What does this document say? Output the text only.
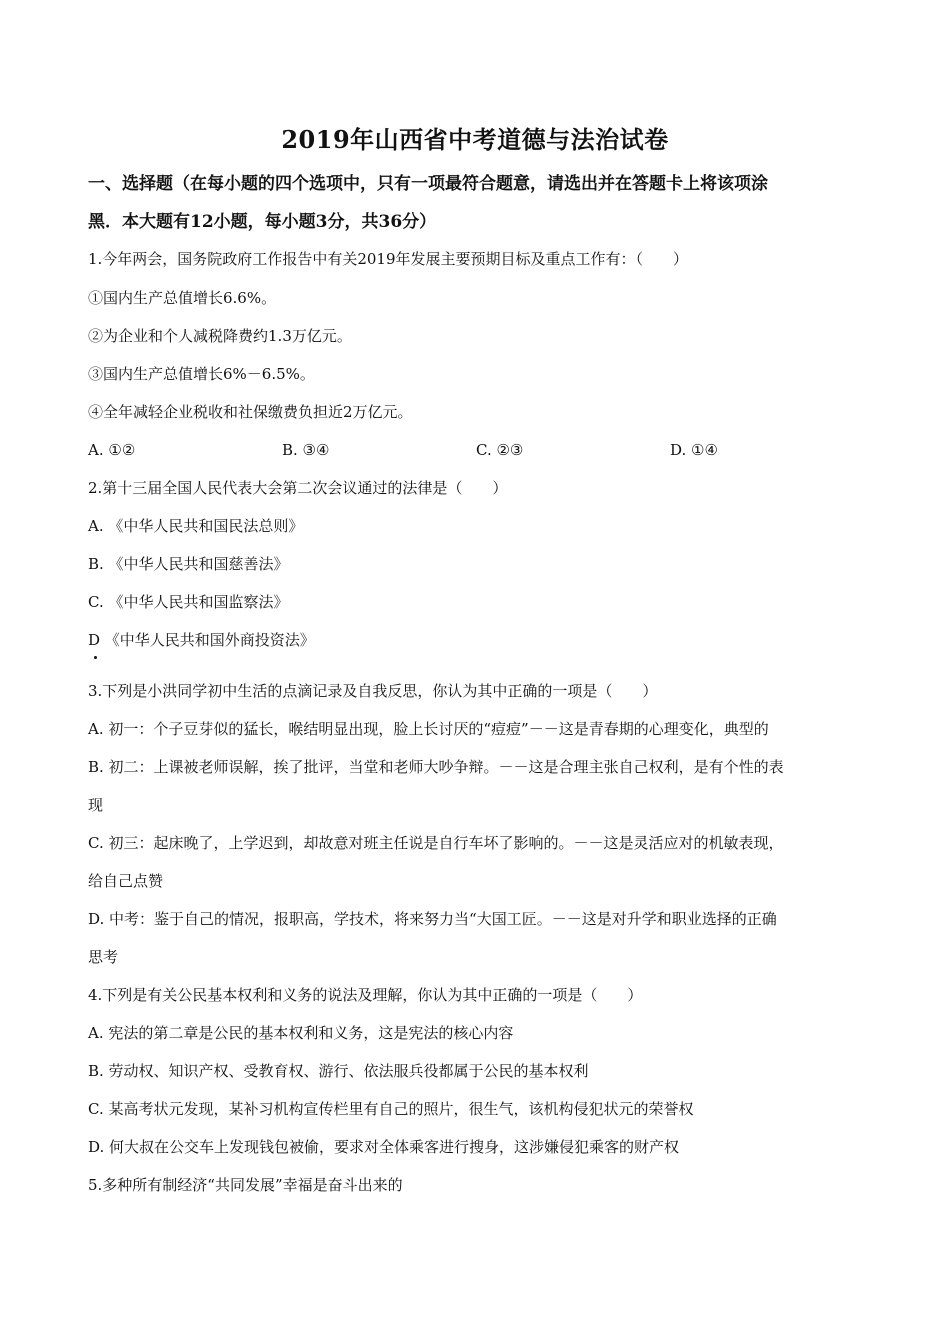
2019年山西省中考道德与法治试卷
一、选择题（在每小题的四个选项中，只有一项最符合题意，请选出并在答题卡上将该项涂
黑．本大题有12小题，每小题3分，共36分）
1.今年两会，国务院政府工作报告中有关2019年发展主要预期目标及重点工作有：（　　）
①国内生产总值增长6.6%。
②为企业和个人减税降费约1.3万亿元。
③国内生产总值增长6%－6.5%。
④全年减轻企业税收和社保缴费负担近2万亿元。
A. ①②	B. ③④	C. ②③	D. ①④
2.第十三届全国人民代表大会第二次会议通过的法律是（　　）
A. 《中华人民共和国民法总则》
B. 《中华人民共和国慈善法》
C. 《中华人民共和国监察法》
D 《中华人民共和国外商投资法》
3.下列是小洪同学初中生活的点滴记录及自我反思，你认为其中正确的一项是（　　）
A. 初一：个子豆芽似的猛长，喉结明显出现，脸上长讨厌的“痘痘”－－这是青春期的心理变化，典型的
B. 初二：上课被老师误解，挨了批评，当堂和老师大吵争辩。－－这是合理主张自己权利，是有个性的表
现
C. 初三：起床晚了，上学迟到，却故意对班主任说是自行车坏了影响的。－－这是灵活应对的机敏表现，
给自己点赞
D. 中考：鉴于自己的情况，报职高，学技术，将来努力当“大国工匠。－－这是对升学和职业选择的正确
思考
4.下列是有关公民基本权利和义务的说法及理解，你认为其中正确的一项是（　　）
A. 宪法的第二章是公民的基本权利和义务，这是宪法的核心内容
B. 劳动权、知识产权、受教育权、游行、依法服兵役都属于公民的基本权利
C. 某高考状元发现，某补习机构宣传栏里有自己的照片，很生气，该机构侵犯状元的荣誉权
D. 何大叔在公交车上发现钱包被偷，要求对全体乘客进行搜身，这涉嫌侵犯乘客的财产权
5.多种所有制经济“共同发展”幸福是奋斗出来的
